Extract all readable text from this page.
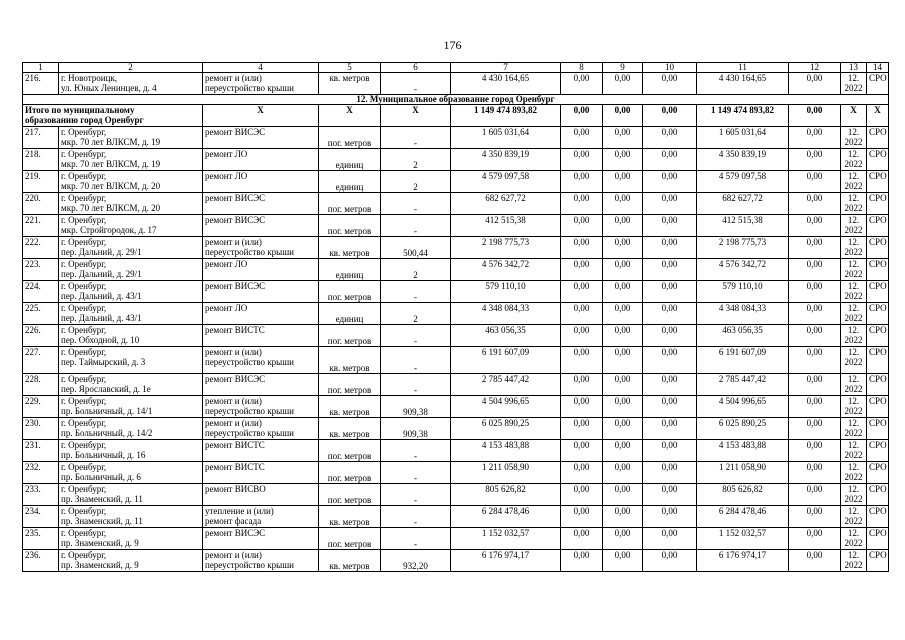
176
1	2	4	5	6	7	8	9	10	11	12	13	14
216.	г. Новотроицк,
ул. Юных Ленинцев, д. 4	ремонт и (или)
переустройство крыши	кв. метров	-	4 430 164,65	0,00	0,00	0,00	4 430 164,65	0,00	12.
2022	СРО
12. Муниципальное образование город Оренбург												

Итого по муниципальному
образованию город Оренбург		X	X	X	1 149 474 893,82	0,00	0,00	0,00	1 149 474 893,82	0,00	X	X
217.	г. Оренбург,
мкр. 70 лет ВЛКСМ, д. 19	ремонт ВИСЭС	пог. метров	-	1 605 031,64	0,00	0,00	0,00	1 605 031,64	0,00	12.
2022	СРО
218.	г. Оренбург,
мкр. 70 лет ВЛКСМ, д. 19	ремонт ЛО	единиц	2	4 350 839,19	0,00	0,00	0,00	4 350 839,19	0,00	12.
2022	СРО
219.	г. Оренбург,
мкр. 70 лет ВЛКСМ, д. 20	ремонт ЛО	единиц	2	4 579 097,58	0,00	0,00	0,00	4 579 097,58	0,00	12.
2022	СРО
220.	г. Оренбург,
мкр. 70 лет ВЛКСМ, д. 20	ремонт ВИСЭС	пог. метров	-	682 627,72	0,00	0,00	0,00	682 627,72	0,00	12.
2022	СРО
221.	г. Оренбург,
мкр. Стройгородок, д. 17	ремонт ВИСЭС	пог. метров	-	412 515,38	0,00	0,00	0,00	412 515,38	0,00	12.
2022	СРО
222.	г. Оренбург,
пер. Дальний, д. 29/1	ремонт и (или)
переустройство крыши	кв. метров	500,44	2 198 775,73	0,00	0,00	0,00	2 198 775,73	0,00	12.
2022	СРО
223.	г. Оренбург,
пер. Дальний, д. 29/1	ремонт ЛО	единиц	2	4 576 342,72	0,00	0,00	0,00	4 576 342,72	0,00	12.
2022	СРО
224.	г. Оренбург,
пер. Дальний, д. 43/1	ремонт ВИСЭС	пог. метров	-	579 110,10	0,00	0,00	0,00	579 110,10	0,00	12.
2022	СРО
225.	г. Оренбург,
пер. Дальний, д. 43/1	ремонт ЛО	единиц	2	4 348 084,33	0,00	0,00	0,00	4 348 084,33	0,00	12.
2022	СРО
226.	г. Оренбург,
пер. Обходной, д. 10	ремонт ВИСТС	пог. метров	-	463 056,35	0,00	0,00	0,00	463 056,35	0,00	12.
2022	СРО
227.	г. Оренбург,
пер. Таймырский, д. 3	ремонт и (или)
переустройство крыши	кв. метров	-	6 191 607,09	0,00	0,00	0,00	6 191 607,09	0,00	12.
2022	СРО
228.	г. Оренбург,
пер. Ярославский, д. 1е	ремонт ВИСЭС	пог. метров	-	2 785 447,42	0,00	0,00	0,00	2 785 447,42	0,00	12.
2022	СРО
229.	г. Оренбург,
пр. Больничный, д. 14/1	ремонт и (или)
переустройство крыши	кв. метров	909,38	4 504 996,65	0,00	0,00	0,00	4 504 996,65	0,00	12.
2022	СРО
230.	г. Оренбург,
пр. Больничный, д. 14/2	ремонт и (или)
переустройство крыши	кв. метров	909,38	6 025 890,25	0,00	0,00	0,00	6 025 890,25	0,00	12.
2022	СРО
231.	г. Оренбург,
пр. Больничный, д. 16	ремонт ВИСТС	пог. метров	-	4 153 483,88	0,00	0,00	0,00	4 153 483,88	0,00	12.
2022	СРО
232.	г. Оренбург,
пр. Больничный, д. 6	ремонт ВИСТС	пог. метров	-	1 211 058,90	0,00	0,00	0,00	1 211 058,90	0,00	12.
2022	СРО
233.	г. Оренбург,
пр. Знаменский, д. 11	ремонт ВИСВО	пог. метров	-	805 626,82	0,00	0,00	0,00	805 626,82	0,00	12.
2022	СРО
234.	г. Оренбург,
пр. Знаменский, д. 11	утепление и (или)
ремонт фасада	кв. метров	-	6 284 478,46	0,00	0,00	0,00	6 284 478,46	0,00	12.
2022	СРО
235.	г. Оренбург,
пр. Знаменский, д. 9	ремонт ВИСЭС	пог. метров	-	1 152 032,57	0,00	0,00	0,00	1 152 032,57	0,00	12.
2022	СРО
236.	г. Оренбург,
пр. Знаменский, д. 9	ремонт и (или)
переустройство крыши	кв. метров	932,20	6 176 974,17	0,00	0,00	0,00	6 176 974,17	0,00	12.
2022	СРО
